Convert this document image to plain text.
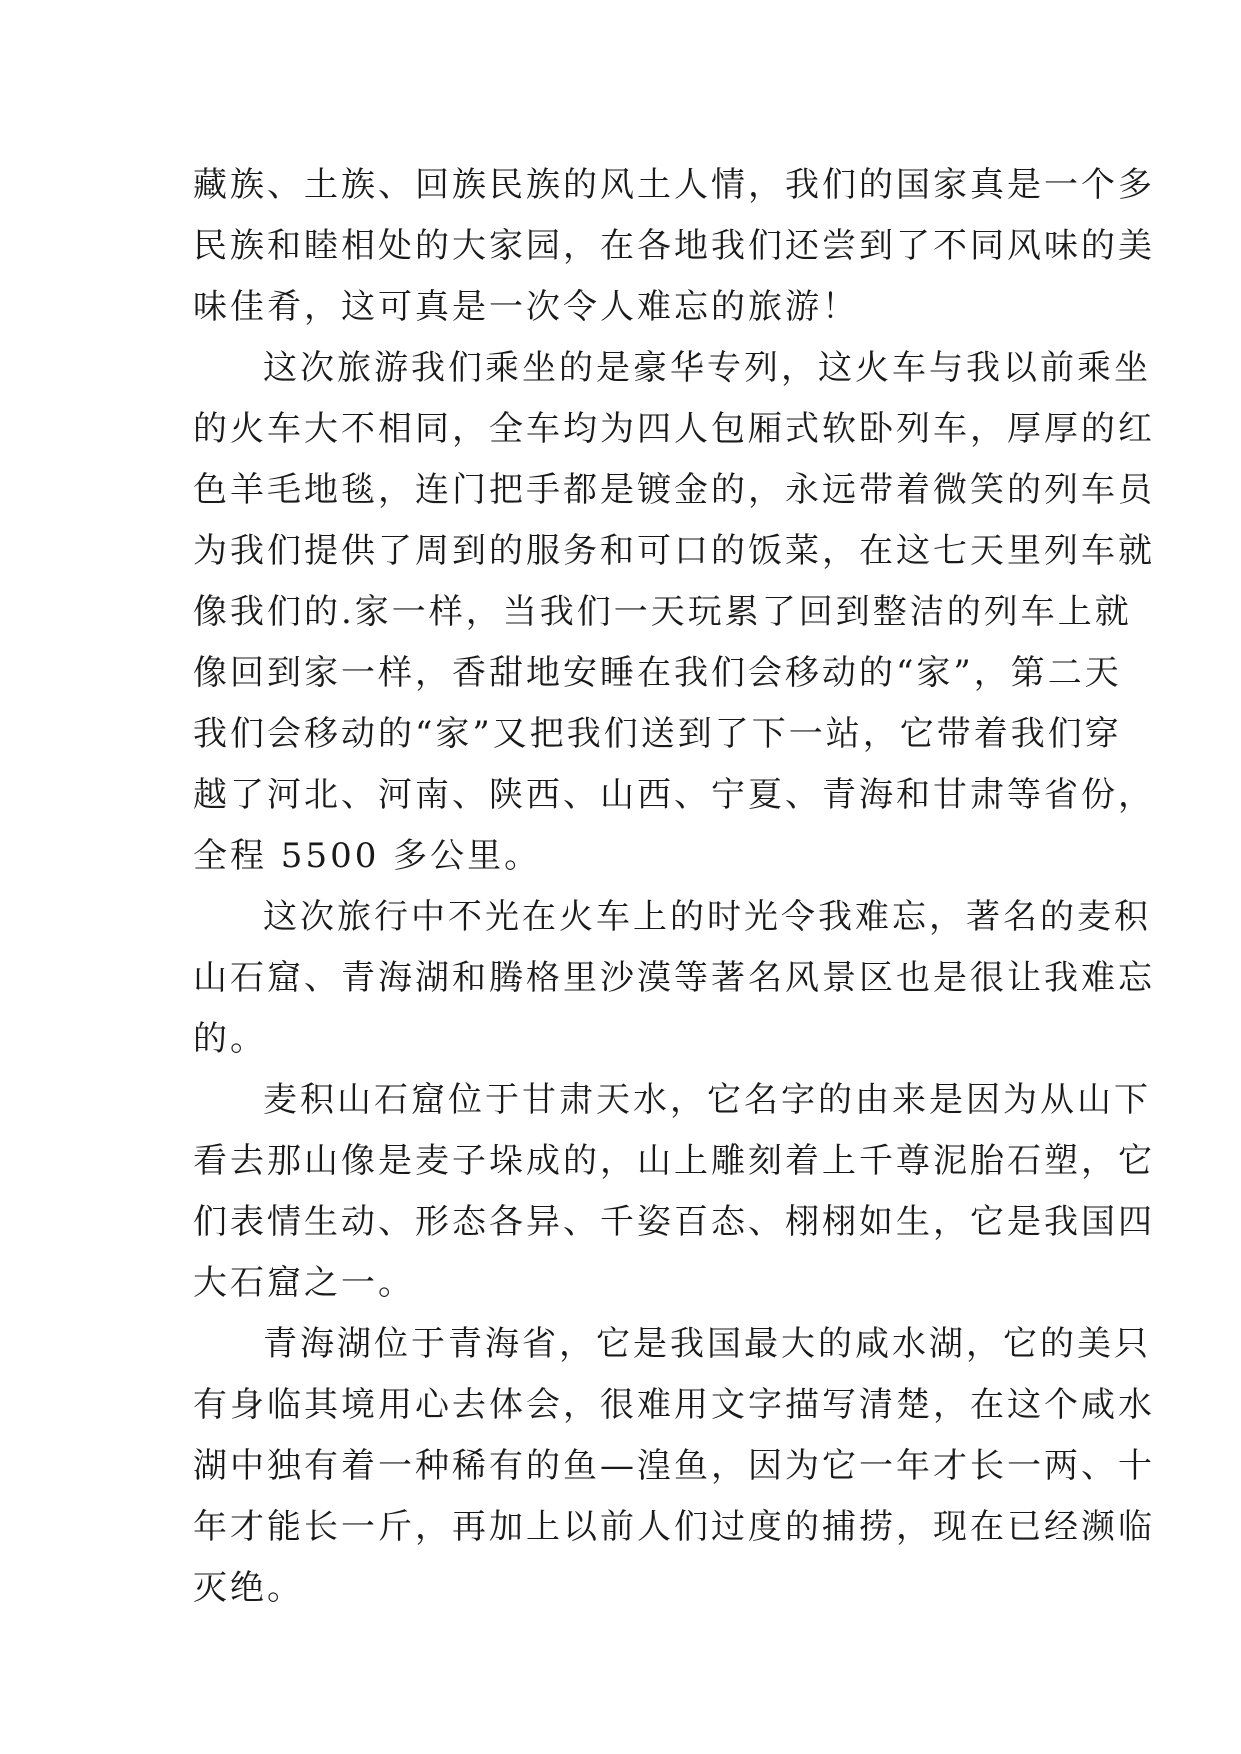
藏族、土族、回族民族的风土人情，我们的国家真是一个多
民族和睦相处的大家园，在各地我们还尝到了不同风味的美
味佳肴，这可真是一次令人难忘的旅游！
这次旅游我们乘坐的是豪华专列，这火车与我以前乘坐
的火车大不相同，全车均为四人包厢式软卧列车，厚厚的红
色羊毛地毯，连门把手都是镀金的，永远带着微笑的列车员
为我们提供了周到的服务和可口的饭菜，在这七天里列车就
像我们的.家一样，当我们一天玩累了回到整洁的列车上就
像回到家一样，香甜地安睡在我们会移动的“家”，第二天
我们会移动的“家”又把我们送到了下一站，它带着我们穿
越了河北、河南、陕西、山西、宁夏、青海和甘肃等省份，
全程 5500 多公里。
这次旅行中不光在火车上的时光令我难忘，著名的麦积
山石窟、青海湖和腾格里沙漠等著名风景区也是很让我难忘
的。
麦积山石窟位于甘肃天水，它名字的由来是因为从山下
看去那山像是麦子垛成的，山上雕刻着上千尊泥胎石塑，它
们表情生动、形态各异、千姿百态、栩栩如生，它是我国四
大石窟之一。
青海湖位于青海省，它是我国最大的咸水湖，它的美只
有身临其境用心去体会，很难用文字描写清楚，在这个咸水
湖中独有着一种稀有的鱼—湟鱼，因为它一年才长一两、十
年才能长一斤，再加上以前人们过度的捕捞，现在已经濒临
灭绝。
